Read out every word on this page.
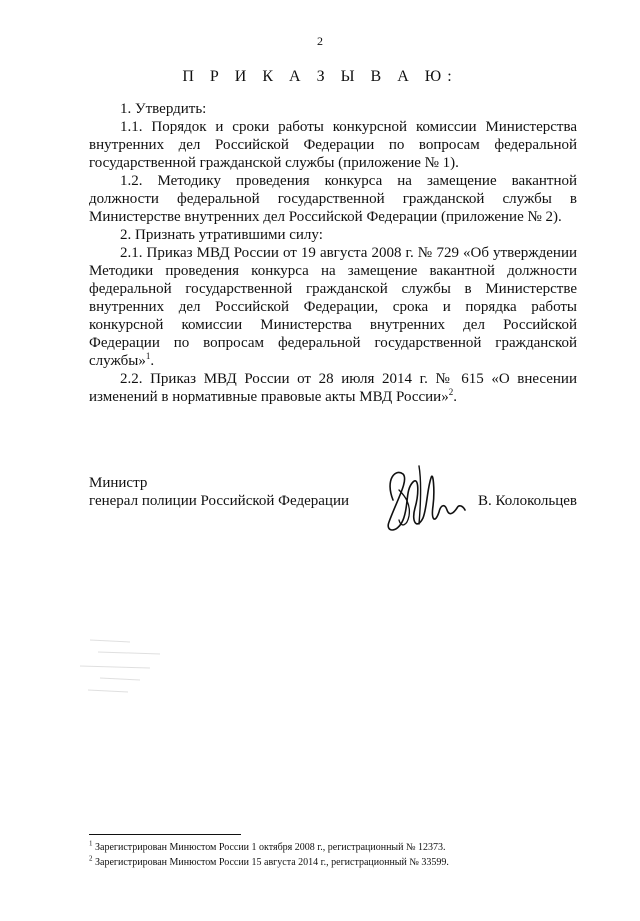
2
П Р И К А З Ы В А Ю:

1. Утвердить:

1.1. Порядок и сроки работы конкурсной комиссии Министерства внутренних дел Российской Федерации по вопросам федеральной государственной гражданской службы (приложение № 1).

1.2. Методику проведения конкурса на замещение вакантной должности федеральной государственной гражданской службы в Министерстве внутренних дел Российской Федерации (приложение № 2).

2. Признать утратившими силу:

2.1. Приказ МВД России от 19 августа 2008 г. № 729 «Об утверждении Методики проведения конкурса на замещение вакантной должности федеральной государственной гражданской службы в Министерстве внутренних дел Российской Федерации, срока и порядка работы конкурсной комиссии Министерства внутренних дел Российской Федерации по вопросам федеральной государственной гражданской службы»$^1$.

2.2. Приказ МВД России от 28 июля 2014 г. № 615 «О внесении изменений в нормативные правовые акты МВД России»$^2$.

Министр
генерал полиции Российской Федерации	В. Колокольцев
$^1$ Зарегистрирован Минюстом России 1 октября 2008 г., регистрационный № 12373.
$^2$ Зарегистрирован Минюстом России 15 августа 2014 г., регистрационный № 33599.
